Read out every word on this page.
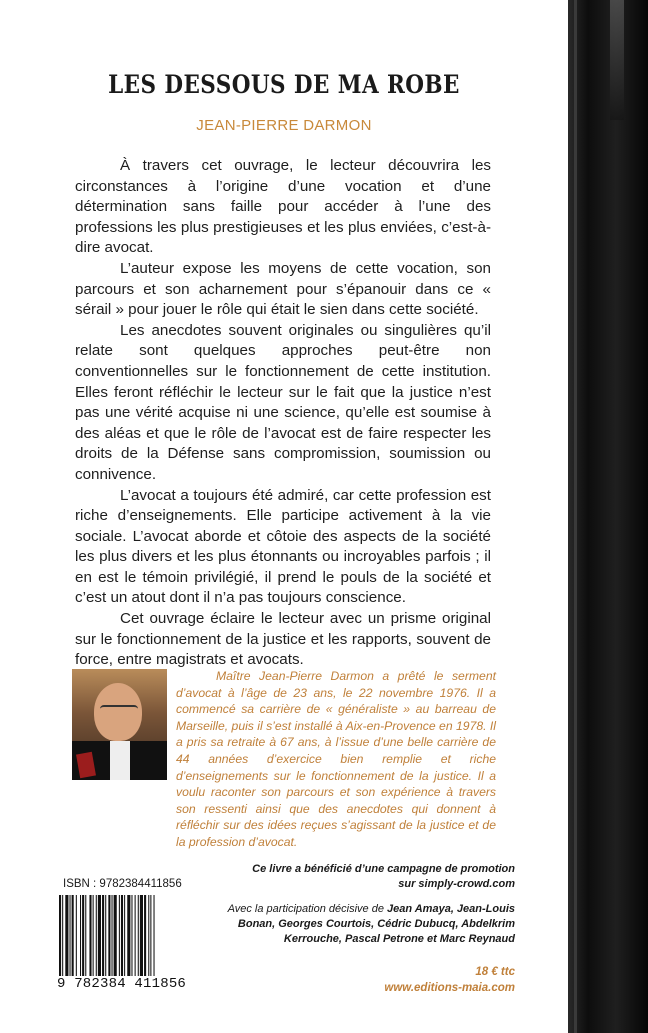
LES DESSOUS DE MA ROBE
JEAN-PIERRE DARMON

À travers cet ouvrage, le lecteur découvrira les circonstances à l’origine d’une vocation et d’une détermination sans faille pour accéder à l’une des professions les plus prestigieuses et les plus enviées, c’est-à-dire avocat.

L’auteur expose les moyens de cette vocation, son parcours et son acharnement pour s’épanouir dans ce « sérail » pour jouer le rôle qui était le sien dans cette société.

Les anecdotes souvent originales ou singulières qu’il relate sont quelques approches peut-être non conventionnelles sur le fonctionnement de cette institution. Elles feront réfléchir le lecteur sur le fait que la justice n’est pas une vérité acquise ni une science, qu’elle est soumise à des aléas et que le rôle de l’avocat est de faire respecter les droits de la Défense sans compromission, soumission ou connivence.

L’avocat a toujours été admiré, car cette profession est riche d’enseignements. Elle participe activement à la vie sociale. L’avocat aborde et côtoie des aspects de la société les plus divers et les plus étonnants ou incroyables parfois ; il en est le témoin privilégié, il prend le pouls de la société et c’est un atout dont il n’a pas toujours conscience.

Cet ouvrage éclaire le lecteur avec un prisme original sur le fonctionnement de la justice et les rapports, souvent de force, entre magistrats et avocats.

Maître Jean-Pierre Darmon a prêté le serment d’avocat à l’âge de 23 ans, le 22 novembre 1976. Il a commencé sa carrière de « généraliste » au barreau de Marseille, puis il s’est installé à Aix-en-Provence en 1978. Il a pris sa retraite à 67 ans, à l’issue d’une belle carrière de 44 années d’exercice bien remplie et riche d’enseignements sur le fonctionnement de la justice. Il a voulu raconter son parcours et son expérience à travers son ressenti ainsi que des anecdotes qui donnent à réfléchir sur des idées reçues s’agissant de la justice et de la profession d’avocat.

Ce livre a bénéficié d’une campagne de promotion
sur simply-crowd.com
Avec la participation décisive de Jean Amaya, Jean-Louis Bonan, Georges Courtois, Cédric Dubucq, Abdelkrim Kerrouche, Pascal Petrone et Marc Reynaud
18 € ttc
www.editions-maia.com
ISBN : 9782384411856
9 782384 411856
